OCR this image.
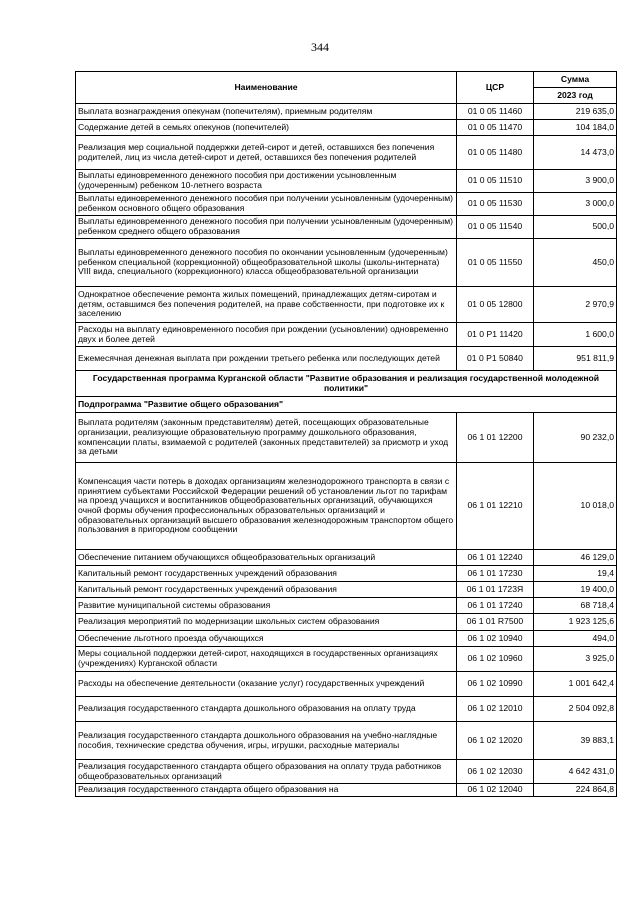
344
Наименование	ЦСР	Сумма
		2023 год
Выплата вознаграждения опекунам (попечителям), приемным родителям	01 0 05 11460	219 635,0
Содержание детей в семьях опекунов (попечителей)	01 0 05 11470	104 184,0
Реализация мер социальной поддержки детей-сирот и детей, оставшихся без попечения родителей, лиц из числа детей-сирот и детей, оставшихся без попечения родителей	01 0 05 11480	14 473,0
Выплаты единовременного денежного пособия при достижении усыновленным (удочеренным) ребенком 10-летнего возраста	01 0 05 11510	3 900,0
Выплаты единовременного денежного пособия при получении усыновленным (удочеренным) ребенком основного общего образования	01 0 05 11530	3 000,0
Выплаты единовременного денежного пособия при получении усыновленным (удочеренным) ребенком среднего общего образования	01 0 05 11540	500,0
Выплаты единовременного денежного пособия по окончании усыновленным (удочеренным) ребенком специальной (коррекционной) общеобразовательной школы (школы-интерната) VIII вида, специального (коррекционного) класса общеобразовательной организации	01 0 05 11550	450,0
Однократное обеспечение ремонта жилых помещений, принадлежащих детям-сиротам и детям, оставшимся без попечения родителей, на праве собственности, при подготовке их к заселению	01 0 05 12800	2 970,9
Расходы на выплату единовременного пособия при рождении (усыновлении) одновременно двух и более детей	01 0 P1 11420	1 600,0
Ежемесячная денежная выплата при рождении третьего ребенка или последующих детей	01 0 P1 50840	951 811,9
Государственная программа Курганской области "Развитие образования и реализация государственной молодежной политики"		
Подпрограмма "Развитие общего образования"		
Выплата родителям (законным представителям) детей, посещающих образовательные организации, реализующие образовательную программу дошкольного образования, компенсации платы, взимаемой с родителей (законных представителей) за присмотр и уход за детьми	06 1 01 12200	90 232,0
Компенсация части потерь в доходах организациям железнодорожного транспорта в связи с принятием субъектами Российской Федерации решений об установлении льгот по тарифам на проезд учащихся и воспитанников общеобразовательных организаций, обучающихся очной формы обучения профессиональных образовательных организаций и образовательных организаций высшего образования железнодорожным транспортом общего пользования в пригородном сообщении	06 1 01 12210	10 018,0
Обеспечение питанием обучающихся общеобразовательных организаций	06 1 01 12240	46 129,0
Капитальный ремонт государственных учреждений образования	06 1 01 17230	19,4
Капитальный ремонт государственных учреждений образования	06 1 01 1723Я	19 400,0
Развитие муниципальной системы образования	06 1 01 17240	68 718,4
Реализация мероприятий по модернизации школьных систем образования	06 1 01 R7500	1 923 125,6
Обеспечение льготного проезда обучающихся	06 1 02 10940	494,0
Меры социальной поддержки детей-сирот, находящихся в государственных организациях (учреждениях) Курганской области	06 1 02 10960	3 925,0
Расходы на обеспечение деятельности (оказание услуг) государственных учреждений	06 1 02 10990	1 001 642,4
Реализация государственного стандарта дошкольного образования на оплату труда	06 1 02 12010	2 504 092,8
Реализация государственного стандарта дошкольного образования на учебно-наглядные пособия, технические средства обучения, игры, игрушки, расходные материалы	06 1 02 12020	39 883,1
Реализация государственного стандарта общего образования на оплату труда работников общеобразовательных организаций	06 1 02 12030	4 642 431,0
Реализация государственного стандарта общего образования на	06 1 02 12040	224 864,8
